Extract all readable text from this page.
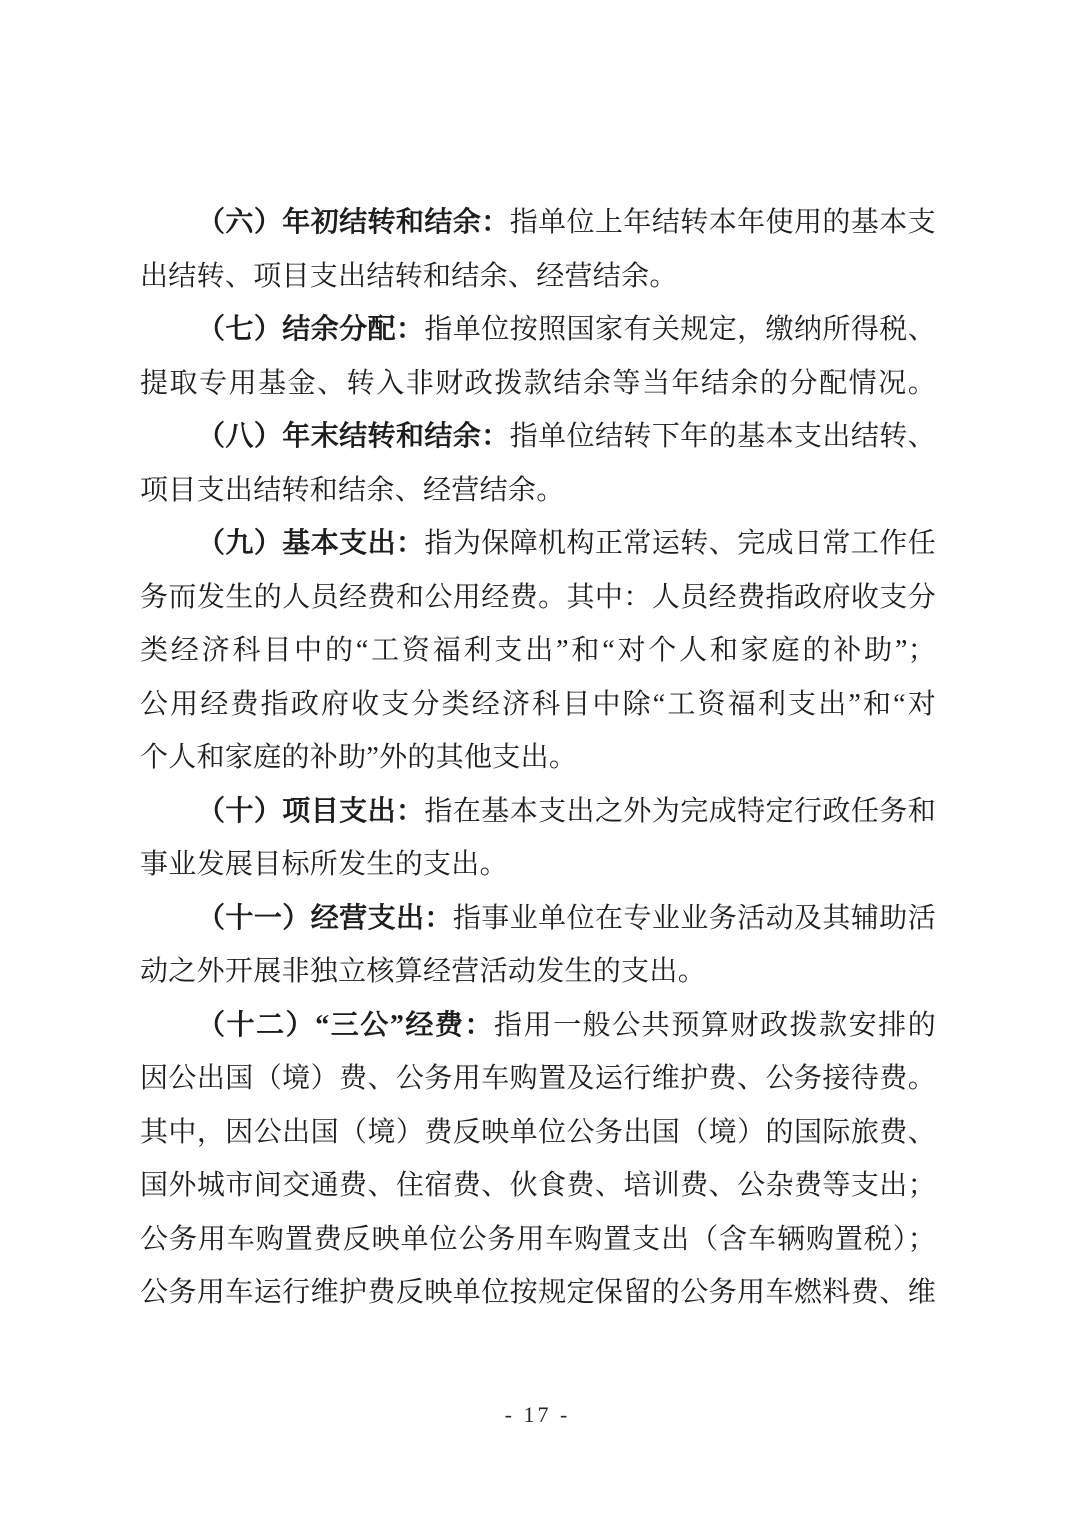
（六）年初结转和结余：指单位上年结转本年使用的基本支
出结转、项目支出结转和结余、经营结余。
（七）结余分配：指单位按照国家有关规定，缴纳所得税、
提取专用基金、转入非财政拨款结余等当年结余的分配情况。
（八）年末结转和结余：指单位结转下年的基本支出结转、
项目支出结转和结余、经营结余。
（九）基本支出：指为保障机构正常运转、完成日常工作任
务而发生的人员经费和公用经费。其中：人员经费指政府收支分
类经济科目中的“工资福利支出”和“对个人和家庭的补助”；
公用经费指政府收支分类经济科目中除“工资福利支出”和“对
个人和家庭的补助”外的其他支出。
（十）项目支出：指在基本支出之外为完成特定行政任务和
事业发展目标所发生的支出。
（十一）经营支出：指事业单位在专业业务活动及其辅助活
动之外开展非独立核算经营活动发生的支出。
（十二）“三公”经费：指用一般公共预算财政拨款安排的
因公出国（境）费、公务用车购置及运行维护费、公务接待费。
其中，因公出国（境）费反映单位公务出国（境）的国际旅费、
国外城市间交通费、住宿费、伙食费、培训费、公杂费等支出；
公务用车购置费反映单位公务用车购置支出（含车辆购置税）；
公务用车运行维护费反映单位按规定保留的公务用车燃料费、维
- 17 -
